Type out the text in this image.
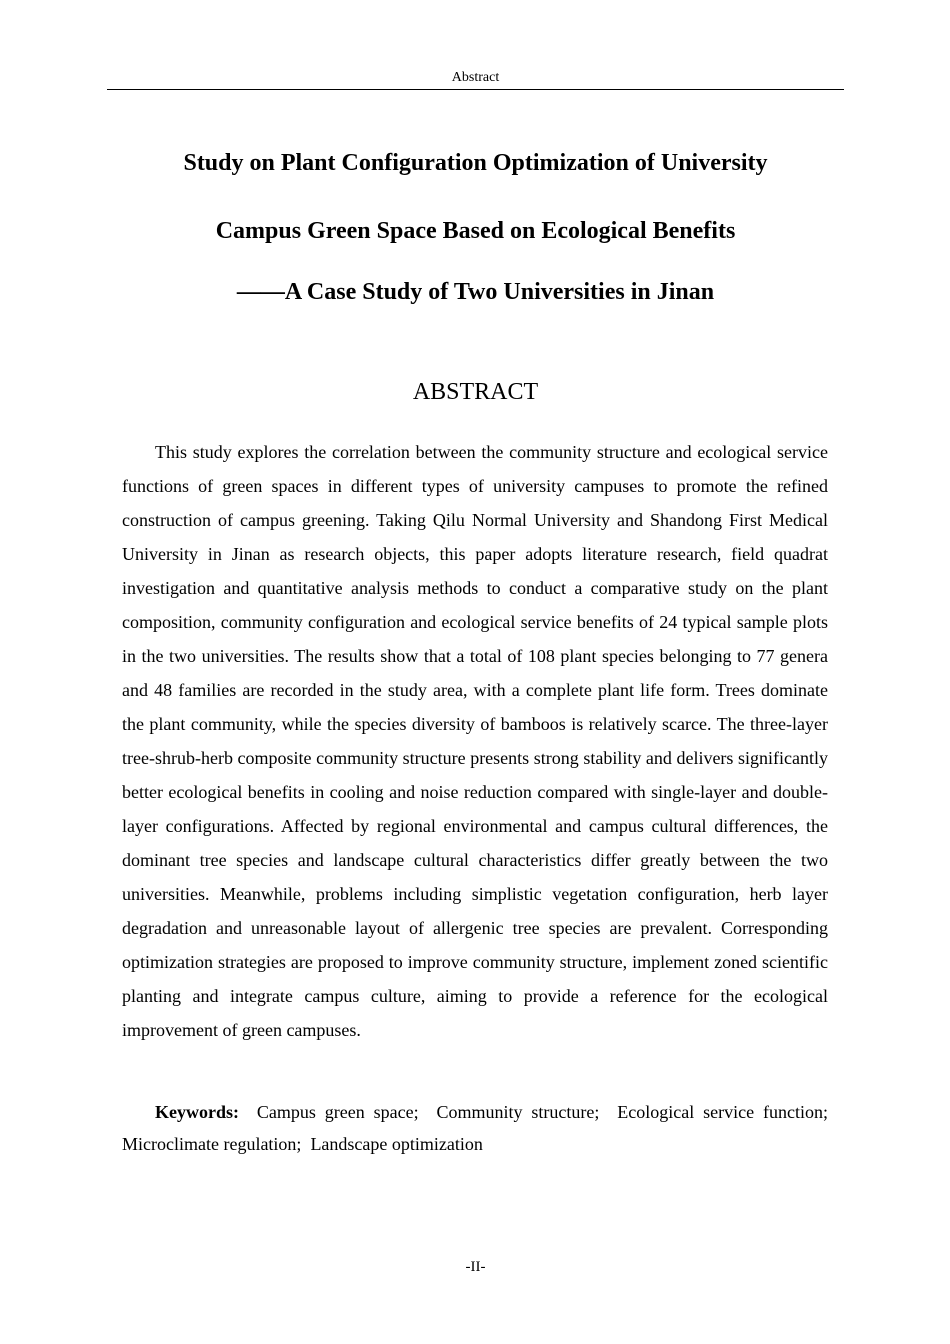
Abstract
Study on Plant Configuration Optimization of University
Campus Green Space Based on Ecological Benefits
——A Case Study of Two Universities in Jinan
ABSTRACT

This study explores the correlation between the community structure and ecological service functions of green spaces in different types of university campuses to promote the refined construction of campus greening. Taking Qilu Normal University and Shandong First Medical University in Jinan as research objects, this paper adopts literature research, field quadrat investigation and quantitative analysis methods to conduct a comparative study on the plant composition, community configuration and ecological service benefits of 24 typical sample plots in the two universities. The results show that a total of 108 plant species belonging to 77 genera and 48 families are recorded in the study area, with a complete plant life form. Trees dominate the plant community, while the species diversity of bamboos is relatively scarce. The three-layer tree-shrub-herb composite community structure presents strong stability and delivers significantly better ecological benefits in cooling and noise reduction compared with single-layer and double-layer configurations. Affected by regional environmental and campus cultural differences, the dominant tree species and landscape cultural characteristics differ greatly between the two universities. Meanwhile, problems including simplistic vegetation configuration, herb layer degradation and unreasonable layout of allergenic tree species are prevalent. Corresponding optimization strategies are proposed to improve community structure, implement zoned scientific planting and integrate campus culture, aiming to provide a reference for the ecological improvement of green campuses.

Keywords: Campus green space; Community structure; Ecological service function; Microclimate regulation; Landscape optimization

-II-
